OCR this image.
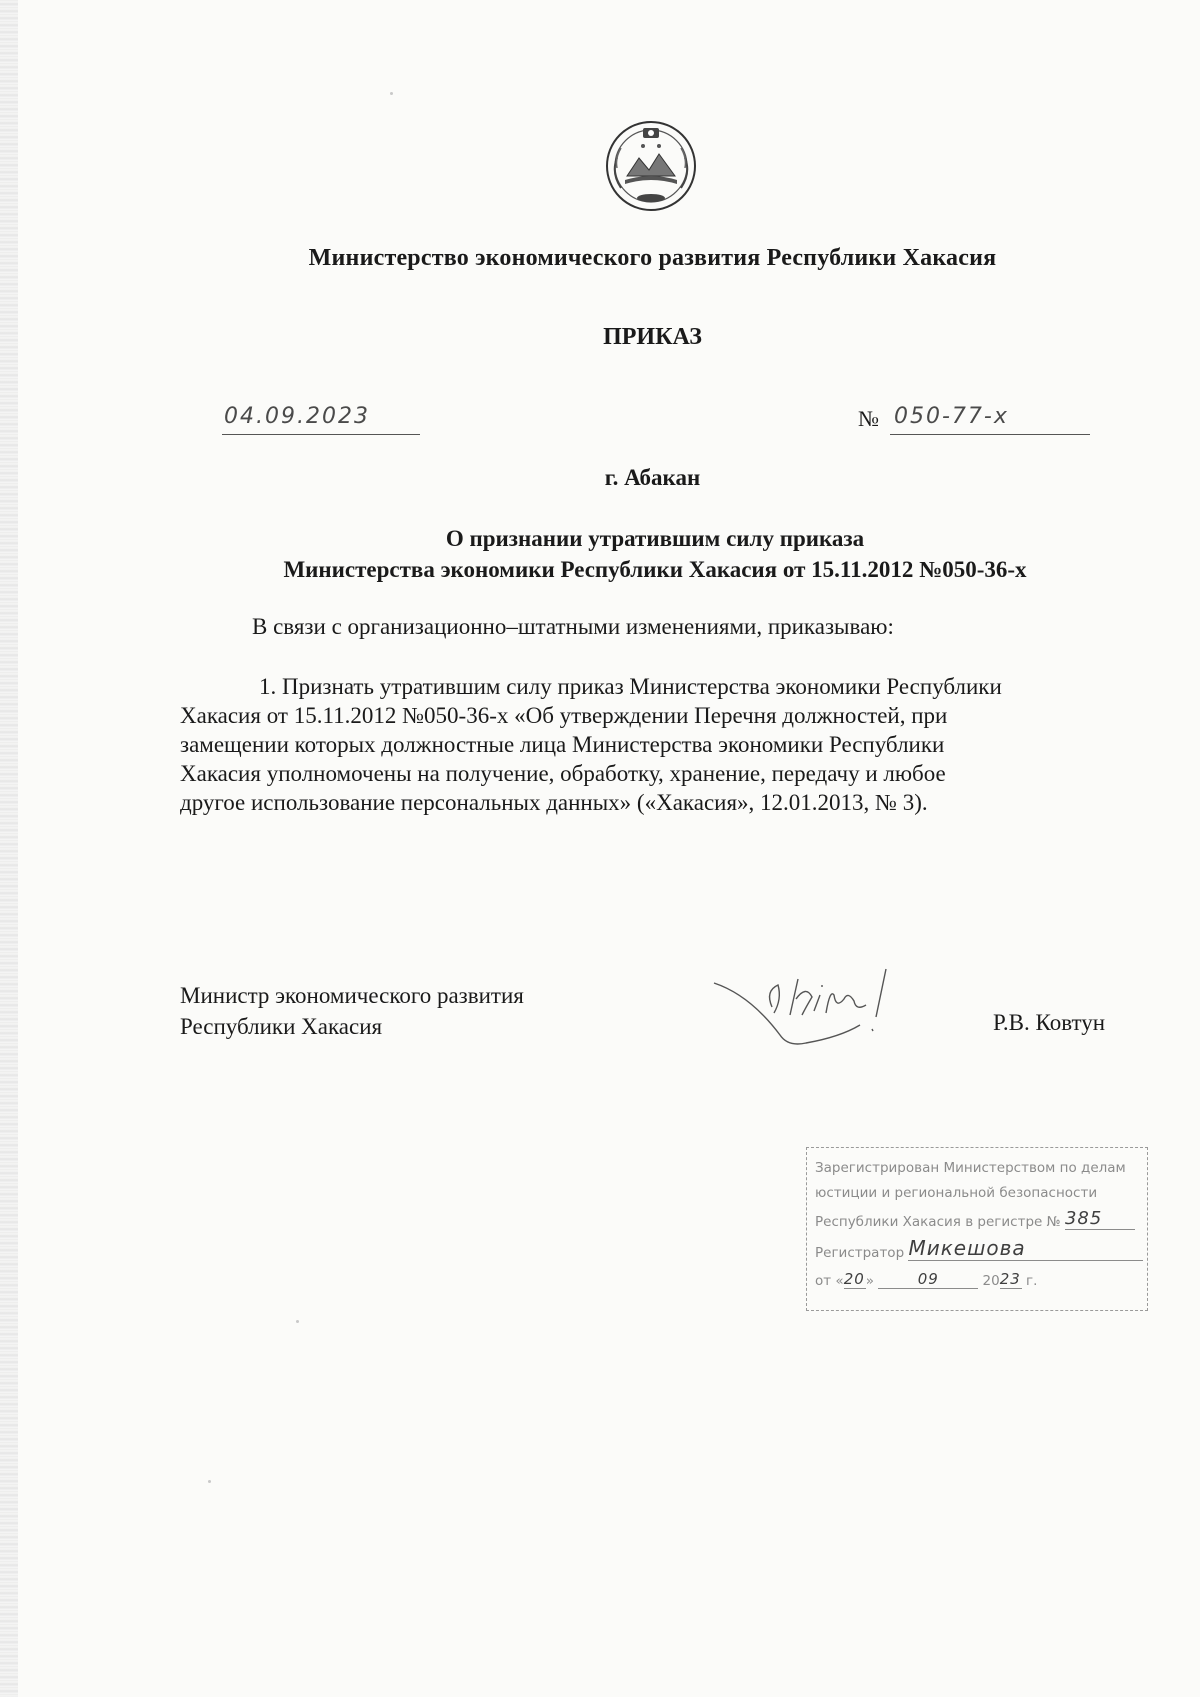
Министерство экономического развития Республики Хакасия
ПРИКАЗ
04.09.2023	№ 050-77-х
г. Абакан
О признании утратившим силу приказа
Министерства экономики Республики Хакасия от 15.11.2012 №050-36-х
В связи с организационно–штатными изменениями, приказываю:
1. Признать утратившим силу приказ Министерства экономики Республики
Хакасия от 15.11.2012 №050-36-х «Об утверждении Перечня должностей, при
замещении которых должностные лица Министерства экономики Республики
Хакасия уполномочены на получение, обработку, хранение, передачу и любое
другое использование персональных данных» («Хакасия», 12.01.2013, № 3).
Министр экономического развития
Республики Хакасия	Р.В. Ковтун
Зарегистрирован Министерством по делам
юстиции и региональной безопасности
Республики Хакасия в регистре № 385
Регистратор Микешова
от «20»	09	2023 г.
